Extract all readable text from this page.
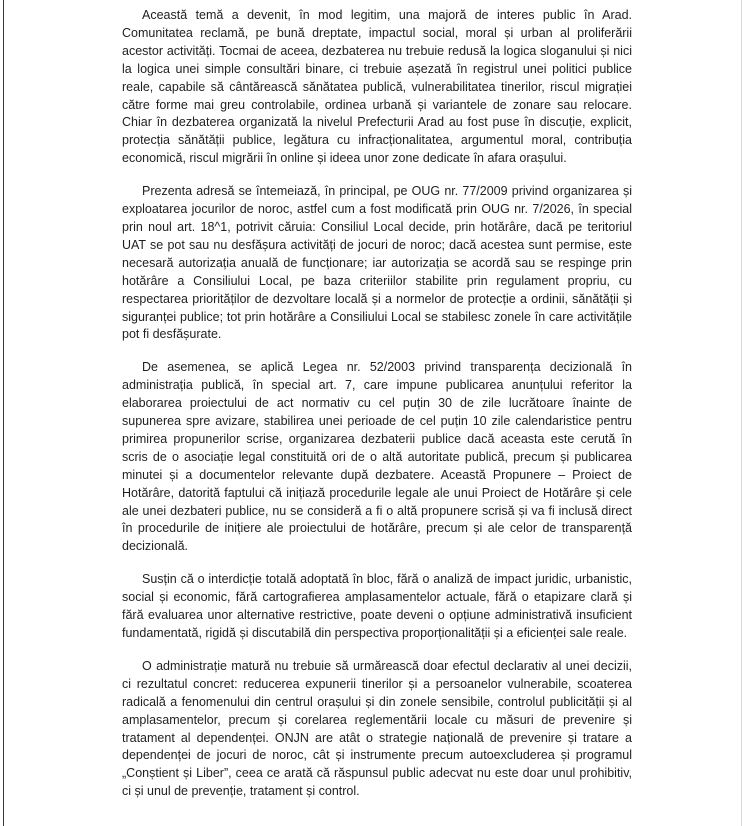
Această temă a devenit, în mod legitim, una majoră de interes public în Arad. Comunitatea reclamă, pe bună dreptate, impactul social, moral și urban al proliferării acestor activități. Tocmai de aceea, dezbaterea nu trebuie redusă la logica sloganului și nici la logica unei simple consultări binare, ci trebuie așezată în registrul unei politici publice reale, capabile să cântărească sănătatea publică, vulnerabilitatea tinerilor, riscul migrației către forme mai greu controlabile, ordinea urbană și variantele de zonare sau relocare. Chiar în dezbaterea organizată la nivelul Prefecturii Arad au fost puse în discuție, explicit, protecția sănătății publice, legătura cu infracționalitatea, argumentul moral, contribuția economică, riscul migrării în online și ideea unor zone dedicate în afara orașului.

Prezenta adresă se întemeiază, în principal, pe OUG nr. 77/2009 privind organizarea și exploatarea jocurilor de noroc, astfel cum a fost modificată prin OUG nr. 7/2026, în special prin noul art. 18^1, potrivit căruia: Consiliul Local decide, prin hotărâre, dacă pe teritoriul UAT se pot sau nu desfășura activități de jocuri de noroc; dacă acestea sunt permise, este necesară autorizația anuală de funcționare; iar autorizația se acordă sau se respinge prin hotărâre a Consiliului Local, pe baza criteriilor stabilite prin regulament propriu, cu respectarea priorităților de dezvoltare locală și a normelor de protecție a ordinii, sănătății și siguranței publice; tot prin hotărâre a Consiliului Local se stabilesc zonele în care activitățile pot fi desfășurate.

De asemenea, se aplică Legea nr. 52/2003 privind transparența decizională în administrația publică, în special art. 7, care impune publicarea anunțului referitor la elaborarea proiectului de act normativ cu cel puțin 30 de zile lucrătoare înainte de supunerea spre avizare, stabilirea unei perioade de cel puțin 10 zile calendaristice pentru primirea propunerilor scrise, organizarea dezbaterii publice dacă aceasta este cerută în scris de o asociație legal constituită ori de o altă autoritate publică, precum și publicarea minutei și a documentelor relevante după dezbatere. Această Propunere – Proiect de Hotărâre, datorită faptului că inițiază procedurile legale ale unui Proiect de Hotărâre și cele ale unei dezbateri publice, nu se consideră a fi o altă propunere scrisă și va fi inclusă direct în procedurile de inițiere ale proiectului de hotărâre, precum și ale celor de transparență decizională.

Susțin că o interdicție totală adoptată în bloc, fără o analiză de impact juridic, urbanistic, social și economic, fără cartografierea amplasamentelor actuale, fără o etapizare clară și fără evaluarea unor alternative restrictive, poate deveni o opțiune administrativă insuficient fundamentată, rigidă și discutabilă din perspectiva proporționalității și a eficienței sale reale.

O administrație matură nu trebuie să urmărească doar efectul declarativ al unei decizii, ci rezultatul concret: reducerea expunerii tinerilor și a persoanelor vulnerabile, scoaterea radicală a fenomenului din centrul orașului și din zonele sensibile, controlul publicității și al amplasamentelor, precum și corelarea reglementării locale cu măsuri de prevenire și tratament al dependenței. ONJN are atât o strategie națională de prevenire și tratare a dependenței de jocuri de noroc, cât și instrumente precum autoexcluderea și programul „Conștient și Liber”, ceea ce arată că răspunsul public adecvat nu este doar unul prohibitiv, ci și unul de prevenție, tratament și control.
